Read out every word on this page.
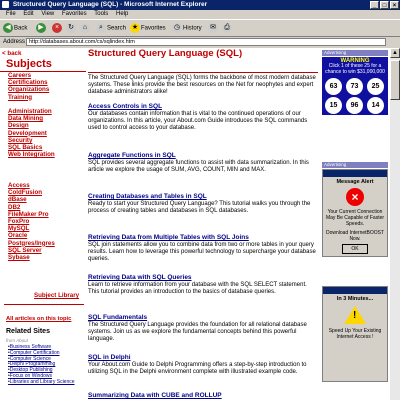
Structured Query Language (SQL) - Microsoft Internet Explorer	_ □ ×
File Edit View Favorites Tools Help
◀ Back	▶	×	↻	⌂	⌕ Search ★ Favorites ◷ History ✉	⎙
Address http://databases.about.com/cs/sqlindex.htm
< back
Subjects
Careers
Certifications
Organizations
Training
Administration
Data Mining
Design
Development
Security
SQL Basics
Web Integration
Access
ColdFusion
dBase
DB2
FileMaker Pro
FoxPro
MySQL
Oracle
Postgres/Ingres
SQL Server
Sybase
Subject Library
All articles on this topic
Related Sites
from About
• Business Software
• Computer Certification
• Computer Science
• Delphi Programming
• Desktop Publishing
• Focus on Windows
• Libraries and Library Science
Structured Query Language (SQL)
The Structured Query Language (SQL) forms the backbone of most modern database systems. These links provide the best resources on the Net for neophytes and expert database administrators alike!
Access Controls in SQL
Our databases contain information that is vital to the continued operations of our organizations. In this article, your About.com Guide introduces the SQL commands used to control access to your database.
Aggregate Functions in SQL
SQL provides several aggregate functions to assist with data summarization. In this article we explore the usage of SUM, AVG, COUNT, MIN and MAX.
Creating Databases and Tables in SQL
Ready to start your Structured Query Language? This tutorial walks you through the process of creating tables and databases in SQL databases.
Retrieving Data from Multiple Tables with SQL Joins
SQL join statements allow you to combine data from two or more tables in your query results. Learn how to leverage this powerful technology to supercharge your database queries.
Retrieving Data with SQL Queries
Learn to retrieve information from your database with the SQL SELECT statement. This tutorial provides an introduction to the basics of database queries.
SQL Fundamentals
The Structured Query Language provides the foundation for all relational database systems. Join us as we explore the fundamental concepts behind this powerful language.
SQL in Delphi
Your About.com Guide to Delphi Programming offers a step-by-step introduction to utilizing SQL in the Delphi environment complete with illustrated example code.
Summarizing Data with CUBE and ROLLUP
Advertising
WARNING
Click 1 of these 25 for a chance to win $31,000,000
63	73	25
15	96	14
Advertising
Message Alert
×
Your Current Connection May Be Capable of Faster Speeds.
Download InternetBOOST Now.
OK
In 3 Minutes...
!
Speed Up Your Existing Internet Access !
▲
